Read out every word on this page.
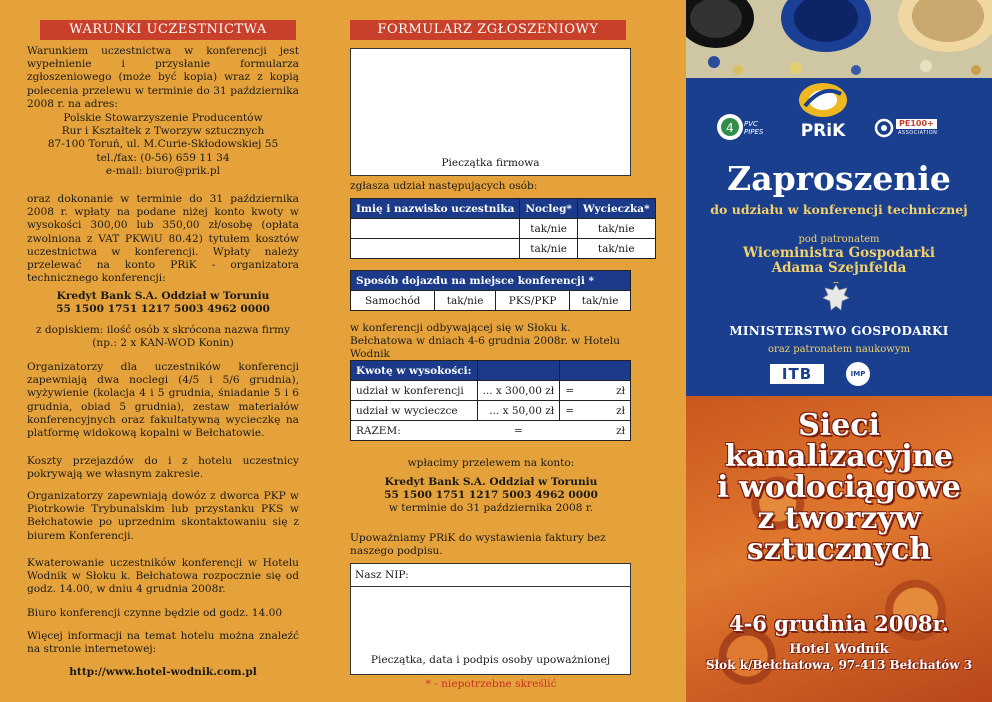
WARUNKI UCZESTNICTWA
Warunkiem uczestnictwa w konferencji jest wypełnienie i przysłanie formularza zgłoszeniowego (może być kopia) wraz z kopią polecenia przelewu w terminie do 31 października 2008 r. na adres:
Polskie Stowarzyszenie Producentów
Rur i Kształtek z Tworzyw sztucznych
87-100 Toruń, ul. M.Curie-Skłodowskiej 55
tel./fax: (0-56) 659 11 34
e-mail: biuro@prik.pl
oraz dokonanie w terminie do 31 października 2008 r. wpłaty na podane niżej konto kwoty w wysokości 300,00 lub 350,00 zł/osobę (opłata zwolniona z VAT PKWiU 80.42) tytułem kosztów uczestnictwa w konferencji. Wpłaty należy przelewać na konto PRiK - organizatora technicznego konferencji:
Kredyt Bank S.A. Oddział w Toruniu
55 1500 1751 1217 5003 4962 0000
z dopiskiem: ilość osób x skrócona nazwa firmy
(np.: 2 x KAN-WOD Konin)
Organizatorzy dla uczestników konferencji zapewniają dwa noclegi (4/5 i 5/6 grudnia), wyżywienie (kolacja 4 i 5 grudnia, śniadanie 5 i 6 grudnia, obiad 5 grudnia), zestaw materiałów konferencyjnych oraz fakultatywną wycieczkę na platformę widokową kopalni w Bełchatowie.
Koszty przejazdów do i z hotelu uczestnicy pokrywają we własnym zakresie.
Organizatorzy zapewniają dowóz z dworca PKP w Piotrkowie Trybunalskim lub przystanku PKS w Bełchatowie po uprzednim skontaktowaniu się z biurem Konferencji.
Kwaterowanie uczestników konferencji w Hotelu Wodnik w Słoku k. Bełchatowa rozpocznie się od godz. 14.00, w dniu 4 grudnia 2008r.
Biuro konferencji czynne będzie od godz. 14.00
Więcej informacji na temat hotelu można znaleźć na stronie internetowej:
http://www.hotel-wodnik.com.pl
FORMULARZ ZGŁOSZENIOWY
Pieczątka firmowa
zgłasza udział następujących osób:
Imię i nazwisko uczestnika	Nocleg*	Wycieczka*
	tak/nie	tak/nie
	tak/nie	tak/nie
Sposób dojazdu na miejsce konferencji *
Samochód	tak/nie	PKS/PKP	tak/nie
w konferencji odbywającej się w Słoku k. Bełchatowa w dniach 4-6 grudnia 2008r. w Hotelu Wodnik
Kwotę w wysokości:			
udział w konferencji	... x 300,00 zł	=	zł
udział w wycieczce	... x 50,00 zł	=	zł
RAZEM:	=		zł
wpłacimy przelewem na konto:
Kredyt Bank S.A. Oddział w Toruniu
55 1500 1751 1217 5003 4962 0000
w terminie do 31 października 2008 r.
Upoważniamy PRiK do wystawienia faktury bez naszego podpisu.
Nasz NIP:
Pieczątka, data i podpis osoby upoważnionej
* - niepotrzebne skreślić
4 PVC PIPES	PRiK	PE100+
ASSOCIATION
Zaproszenie
do udziału w konferencji technicznej
pod patronatem
Wiceministra Gospodarki
Adama Szejnfelda
MINISTERSTWO GOSPODARKI
oraz patronatem naukowym
ITB	IMP
Sieci
kanalizacyjne
i wodociągowe
z tworzyw
sztucznych
4-6 grudnia 2008r.
Hotel Wodnik
Słok k/Bełchatowa, 97-413 Bełchatów 3
